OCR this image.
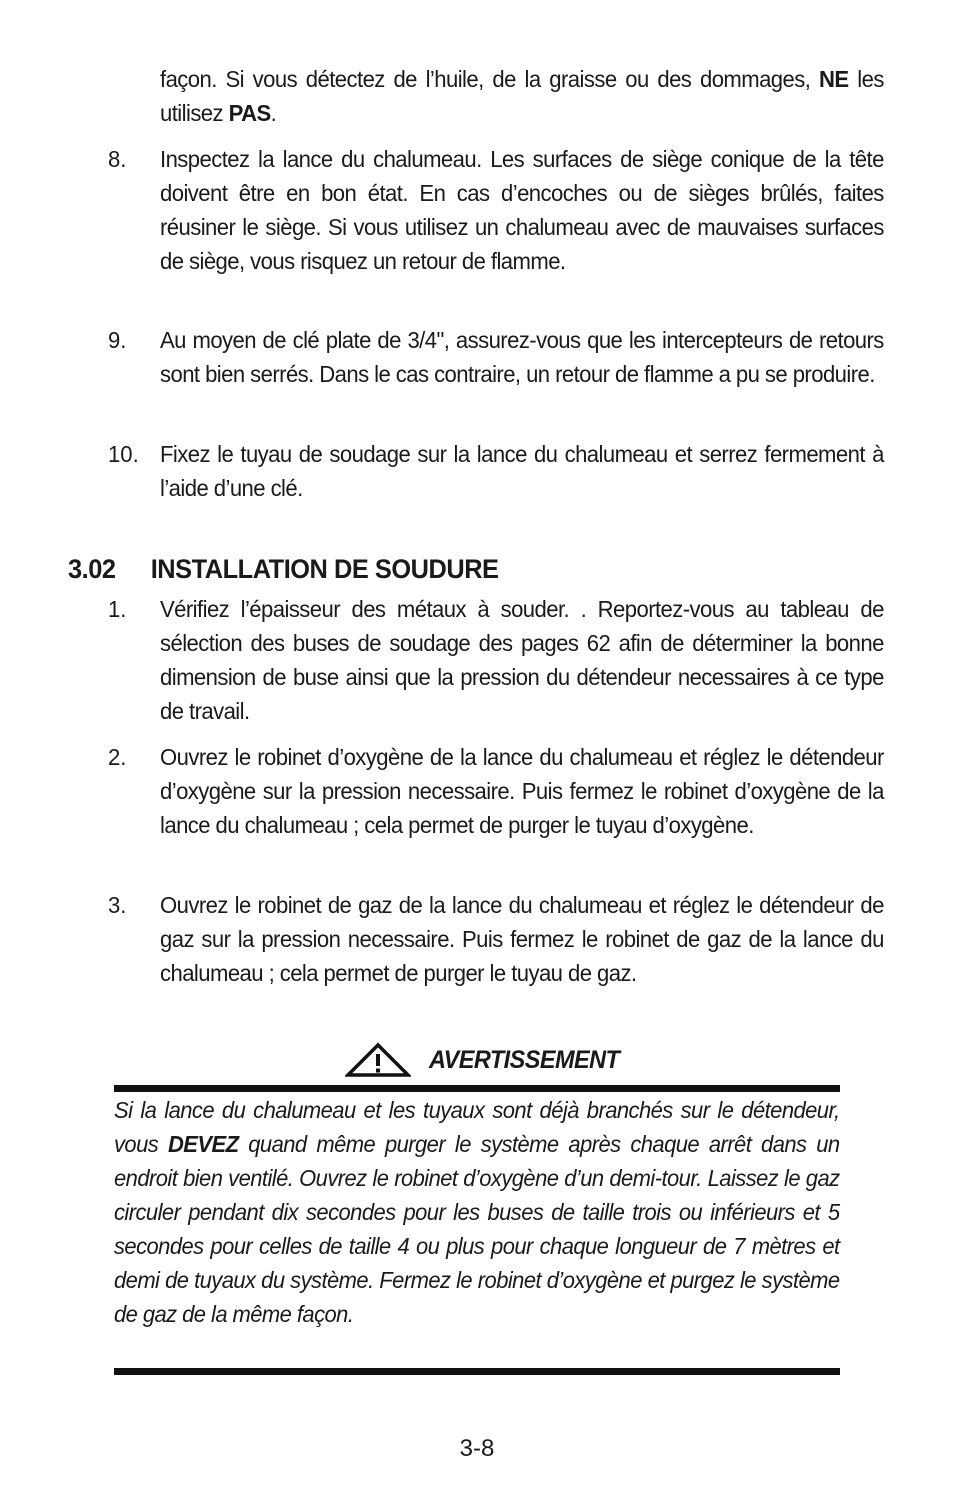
façon. Si vous détectez de l’huile, de la graisse ou des dommages, NE les utilisez PAS.
8. Inspectez la lance du chalumeau. Les surfaces de siège conique de la tête doivent être en bon état. En cas d’encoches ou de sièges brûlés, faites réusiner le siège. Si vous utilisez un chalumeau avec de mauvaises surfaces de siège, vous risquez un retour de flamme.
9. Au moyen de clé plate de 3/4", assurez-vous que les intercepteurs de retours sont bien serrés. Dans le cas contraire, un retour de flamme a pu se produire.
10. Fixez le tuyau de soudage sur la lance du chalumeau et serrez fermement à l’aide d’une clé.
3.02 INSTALLATION DE SOUDURE
1. Vérifiez l’épaisseur des métaux à souder. . Reportez-vous au tableau de sélection des buses de soudage des pages 62 afin de déterminer la bonne dimension de buse ainsi que la pression du détendeur necessaires à ce type de travail.
2. Ouvrez le robinet d’oxygène de la lance du chalumeau et réglez le détendeur d’oxygène sur la pression necessaire. Puis fermez le robinet d’oxygène de la lance du chalumeau ; cela permet de purger le tuyau d’oxygène.
3. Ouvrez le robinet de gaz de la lance du chalumeau et réglez le détendeur de gaz sur la pression necessaire. Puis fermez le robinet de gaz de la lance du chalumeau ; cela permet de purger le tuyau de gaz.
AVERTISSEMENT
Si la lance du chalumeau et les tuyaux sont déjà branchés sur le détendeur, vous DEVEZ quand même purger le système après chaque arrêt dans un endroit bien ventilé. Ouvrez le robinet d’oxygène d’un demi-tour. Laissez le gaz circuler pendant dix secondes pour les buses de taille trois ou inférieurs et 5 secondes pour celles de taille 4 ou plus pour chaque longueur de 7 mètres et demi de tuyaux du système. Fermez le robinet d’oxygène et purgez le système de gaz de la même façon.
3-8
